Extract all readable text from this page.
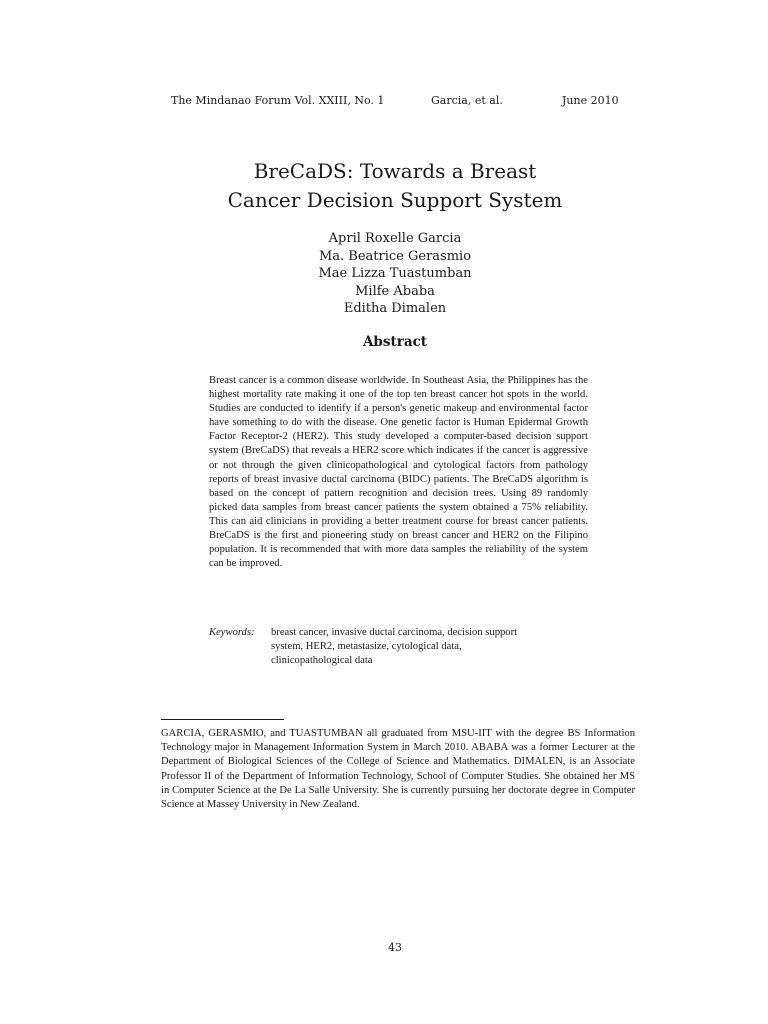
The Mindanao Forum Vol. XXIII, No. 1	Garcia, et al.	June 2010
BreCaDS: Towards a Breast
Cancer Decision Support System
April Roxelle Garcia
Ma. Beatrice Gerasmio
Mae Lizza Tuastumban
Milfe Ababa
Editha Dimalen
Abstract

Breast cancer is a common disease worldwide. In Southeast Asia, the Philippines has the highest mortality rate making it one of the top ten breast cancer hot spots in the world. Studies are conducted to identify if a person's genetic makeup and environmental factor have something to do with the disease. One genetic factor is Human Epidermal Growth Factor Receptor-2 (HER2). This study developed a computer-based decision support system (BreCaDS) that reveals a HER2 score which indicates if the cancer is aggressive or not through the given clinicopathological and cytological factors from pathology reports of breast invasive ductal carcinoma (BIDC) patients. The BreCaDS algorithm is based on the concept of pattern recognition and decision trees. Using 89 randomly picked data samples from breast cancer patients the system obtained a 75% reliability. This can aid clinicians in providing a better treatment course for breast cancer patients. BreCaDS is the first and pioneering study on breast cancer and HER2 on the Filipino population. It is recommended that with more data samples the reliability of the system can be improved.

Keywords: breast cancer, invasive ductal carcinoma, decision support
system, HER2, metastasize, cytological data,
clinicopathological data

GARCIA, GERASMIO, and TUASTUMBAN all graduated from MSU-IIT with the degree BS Information Technology major in Management Information System in March 2010. ABABA was a former Lecturer at the Department of Biological Sciences of the College of Science and Mathematics. DIMALEN, is an Associate Professor II of the Department of Information Technology, School of Computer Studies. She obtained her MS in Computer Science at the De La Salle University. She is currently pursuing her doctorate degree in Computer Science at Massey University in New Zealand.

43
